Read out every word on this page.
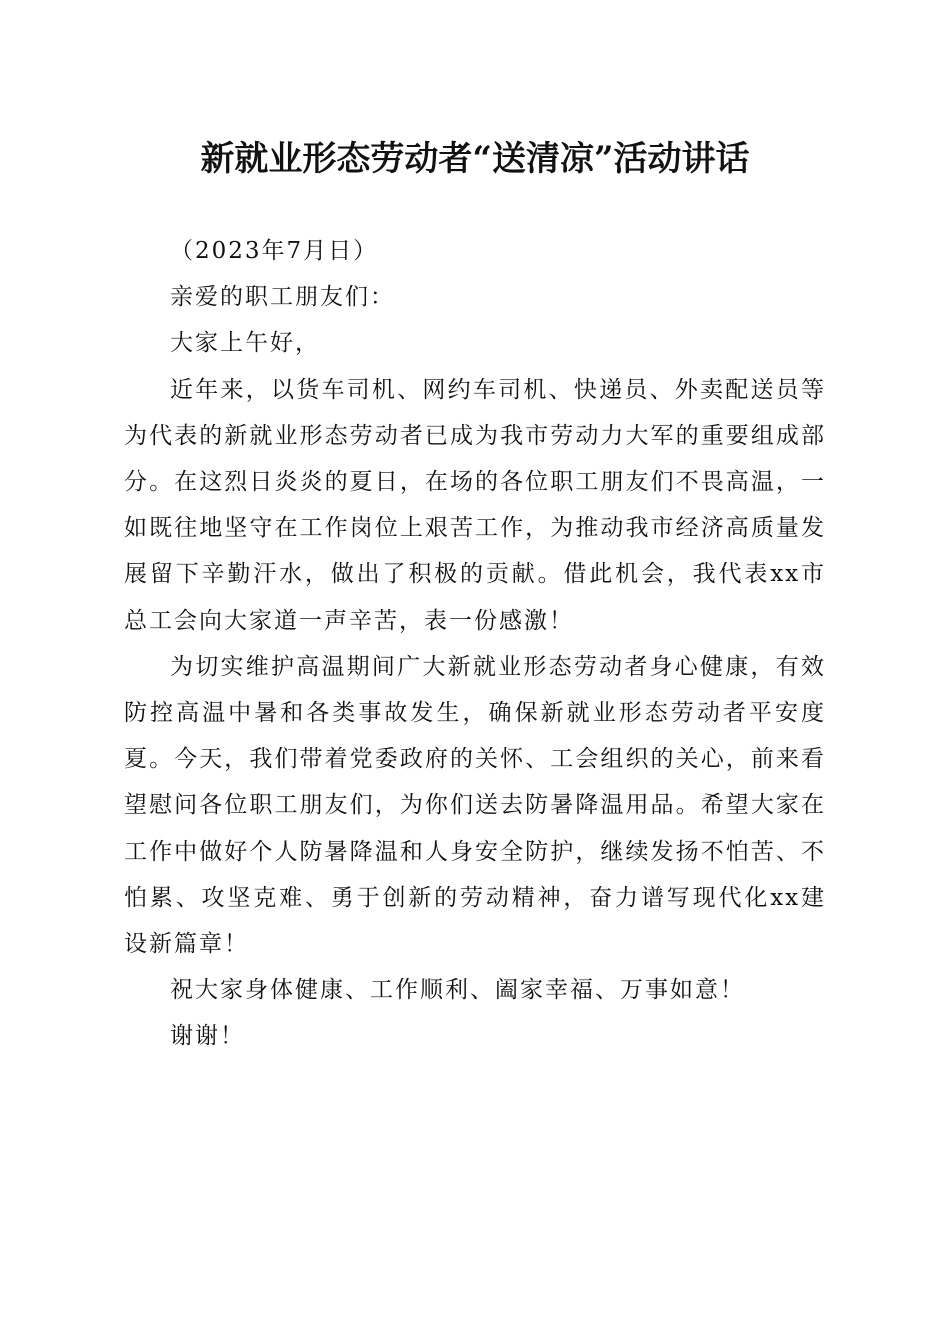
新就业形态劳动者“送清凉”活动讲话

（2023年7月日）

亲爱的职工朋友们：

大家上午好，

近年来，以货车司机、网约车司机、快递员、外卖配送员等为代表的新就业形态劳动者已成为我市劳动力大军的重要组成部分。在这烈日炎炎的夏日，在场的各位职工朋友们不畏高温，一如既往地坚守在工作岗位上艰苦工作，为推动我市经济高质量发展留下辛勤汗水，做出了积极的贡献。借此机会，我代表xx市总工会向大家道一声辛苦，表一份感激！

为切实维护高温期间广大新就业形态劳动者身心健康，有效防控高温中暑和各类事故发生，确保新就业形态劳动者平安度夏。今天，我们带着党委政府的关怀、工会组织的关心，前来看望慰问各位职工朋友们，为你们送去防暑降温用品。希望大家在工作中做好个人防暑降温和人身安全防护，继续发扬不怕苦、不怕累、攻坚克难、勇于创新的劳动精神，奋力谱写现代化xx建设新篇章！

祝大家身体健康、工作顺利、阖家幸福、万事如意！

谢谢！
